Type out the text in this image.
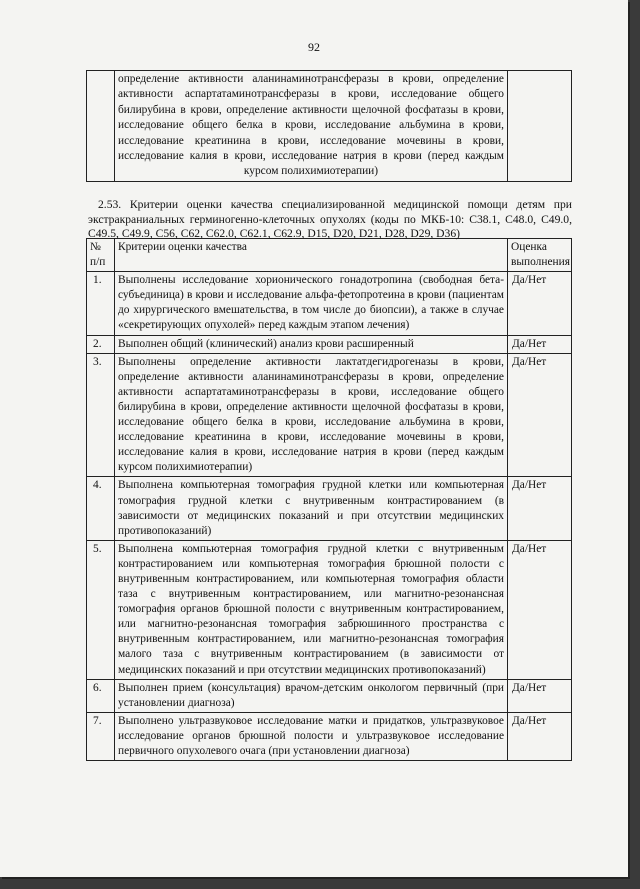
92
	определение активности аланинаминотрансферазы в крови, определение активности аспартатаминотрансферазы в крови, исследование общего билирубина в крови, определение активности щелочной фосфатазы в крови, исследование общего белка в крови, исследование альбумина в крови, исследование креатинина в крови, исследование мочевины в крови, исследование калия в крови, исследование натрия в крови (перед каждым курсом полихимиотерапии)	
2.53. Критерии оценки качества специализированной медицинской помощи детям при экстракраниальных герминогенно-клеточных опухолях (коды по МКБ-10: C38.1, C48.0, C49.0, C49.5, C49.9, C56, C62, C62.0, C62.1, C62.9, D15, D20, D21, D28, D29, D36)
№ п/п	Критерии оценки качества	Оценка выполнения
1.	Выполнены исследование хорионического гонадотропина (свободная бета-субъединица) в крови и исследование альфа-фетопротеина в крови (пациентам до хирургического вмешательства, в том числе до биопсии), а также в случае «секретирующих опухолей» перед каждым этапом лечения)	Да/Нет
2.	Выполнен общий (клинический) анализ крови расширенный	Да/Нет
3.	Выполнены определение активности лактатдегидрогеназы в крови, определение активности аланинаминотрансферазы в крови, определение активности аспартатаминотрансферазы в крови, исследование общего билирубина в крови, определение активности щелочной фосфатазы в крови, исследование общего белка в крови, исследование альбумина в крови, исследование креатинина в крови, исследование мочевины в крови, исследование калия в крови, исследование натрия в крови (перед каждым курсом полихимиотерапии)	Да/Нет
4.	Выполнена компьютерная томография грудной клетки или компьютерная томография грудной клетки с внутривенным контрастированием (в зависимости от медицинских показаний и при отсутствии медицинских противопоказаний)	Да/Нет
5.	Выполнена компьютерная томография грудной клетки с внутривенным контрастированием или компьютерная томография брюшной полости с внутривенным контрастированием, или компьютерная томография области таза с внутривенным контрастированием, или магнитно-резонансная томография органов брюшной полости с внутривенным контрастированием, или магнитно-резонансная томография забрюшинного пространства с внутривенным контрастированием, или магнитно-резонансная томография малого таза с внутривенным контрастированием (в зависимости от медицинских показаний и при отсутствии медицинских противопоказаний)	Да/Нет
6.	Выполнен прием (консультация) врачом-детским онкологом первичный (при установлении диагноза)	Да/Нет
7.	Выполнено ультразвуковое исследование матки и придатков, ультразвуковое исследование органов брюшной полости и ультразвуковое исследование первичного опухолевого очага (при установлении диагноза)	Да/Нет
